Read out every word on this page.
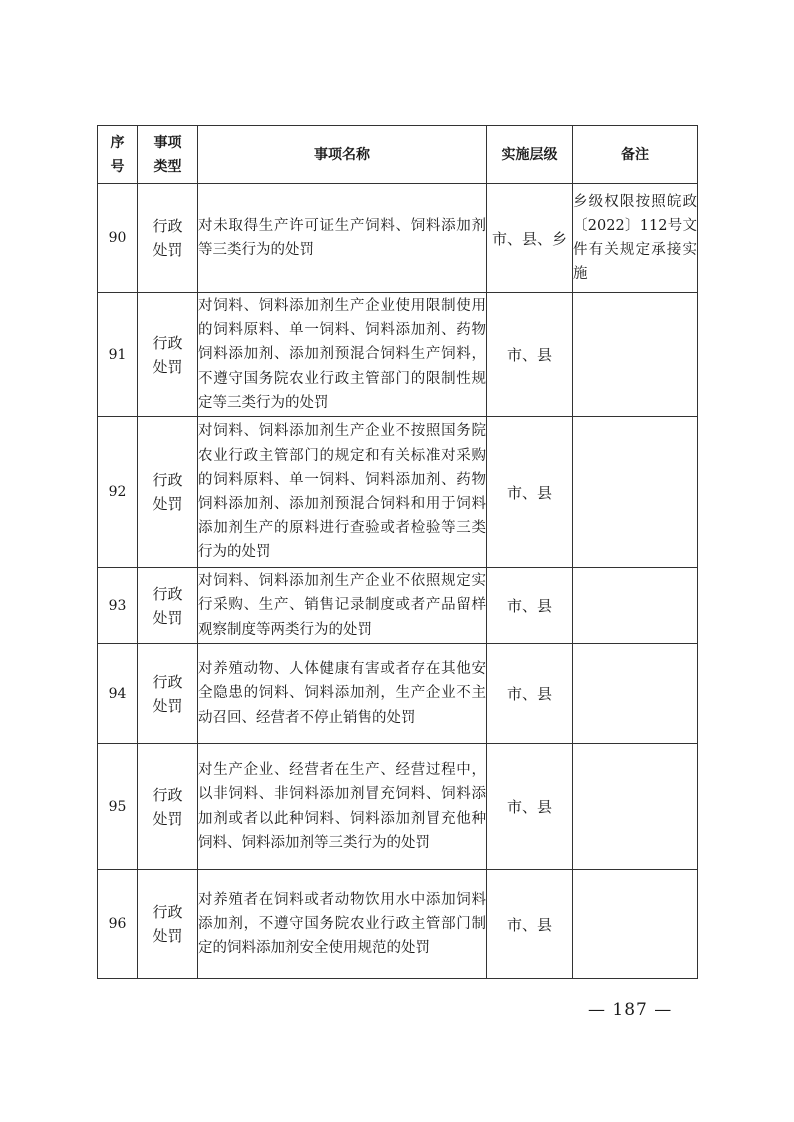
序号	事项类型	事项名称	实施层级	备注
90	行政处罚	对未取得生产许可证生产饲料、饲料添加剂等三类行为的处罚	市、县、乡	乡级权限按照皖政〔2022〕112号文件有关规定承接实施
91	行政处罚	对饲料、饲料添加剂生产企业使用限制使用的饲料原料、单一饲料、饲料添加剂、药物饲料添加剂、添加剂预混合饲料生产饲料，不遵守国务院农业行政主管部门的限制性规定等三类行为的处罚	市、县	
92	行政处罚	对饲料、饲料添加剂生产企业不按照国务院农业行政主管部门的规定和有关标准对采购的饲料原料、单一饲料、饲料添加剂、药物饲料添加剂、添加剂预混合饲料和用于饲料添加剂生产的原料进行查验或者检验等三类行为的处罚	市、县	
93	行政处罚	对饲料、饲料添加剂生产企业不依照规定实行采购、生产、销售记录制度或者产品留样观察制度等两类行为的处罚	市、县	
94	行政处罚	对养殖动物、人体健康有害或者存在其他安全隐患的饲料、饲料添加剂，生产企业不主动召回、经营者不停止销售的处罚	市、县	
95	行政处罚	对生产企业、经营者在生产、经营过程中，以非饲料、非饲料添加剂冒充饲料、饲料添加剂或者以此种饲料、饲料添加剂冒充他种饲料、饲料添加剂等三类行为的处罚	市、县	
96	行政处罚	对养殖者在饲料或者动物饮用水中添加饲料添加剂，不遵守国务院农业行政主管部门制定的饲料添加剂安全使用规范的处罚	市、县	
— 187 —
